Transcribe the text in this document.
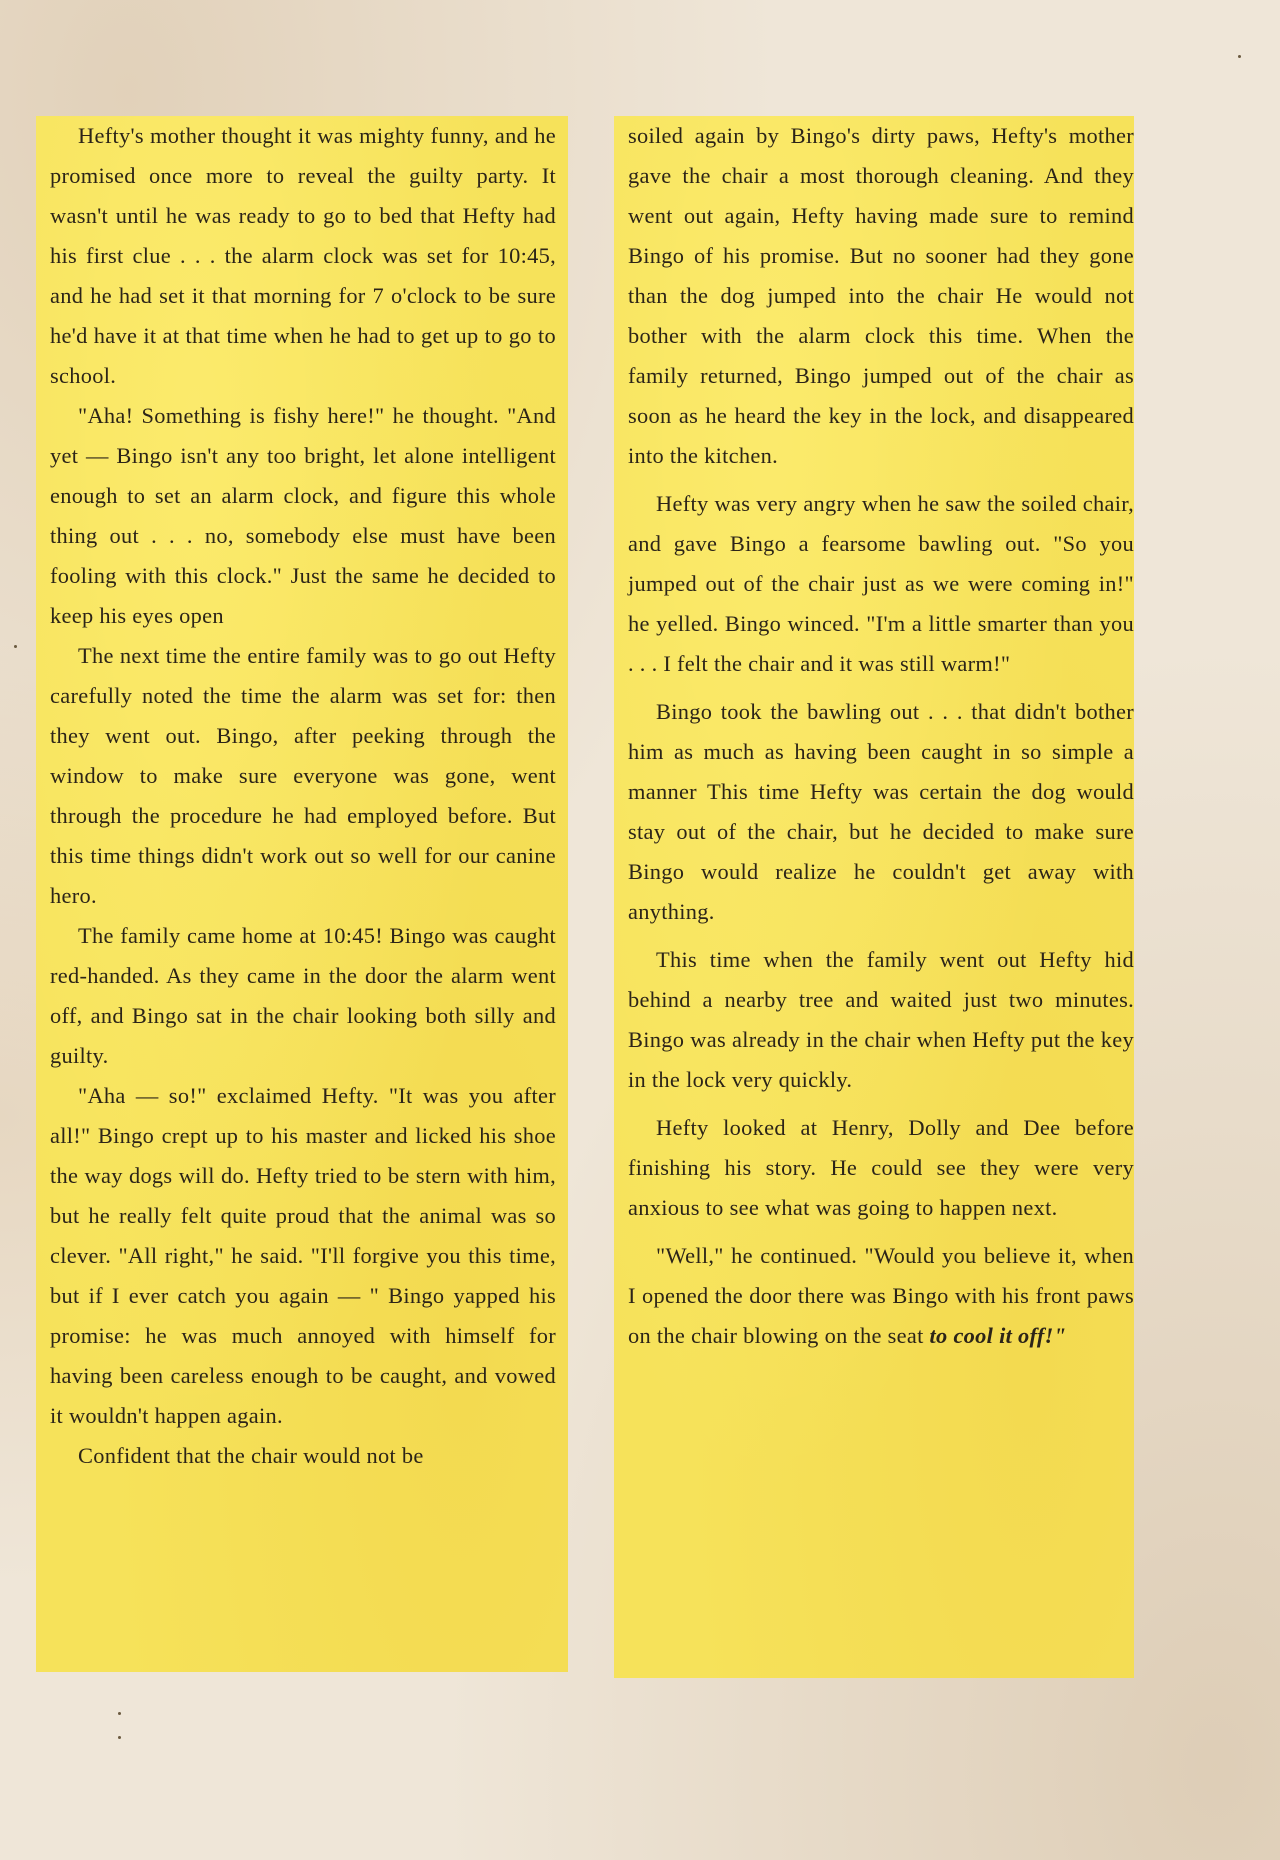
Hefty's mother thought it was mighty funny, and he promised once more to reveal the guilty party. It wasn't until he was ready to go to bed that Hefty had his first clue . . . the alarm clock was set for 10:45, and he had set it that morning for 7 o'clock to be sure he'd have it at that time when he had to get up to go to school.

"Aha! Something is fishy here!" he thought. "And yet — Bingo isn't any too bright, let alone intelligent enough to set an alarm clock, and figure this whole thing out . . . no, somebody else must have been fooling with this clock." Just the same he decided to keep his eyes open

The next time the entire family was to go out Hefty carefully noted the time the alarm was set for: then they went out. Bingo, after peeking through the window to make sure everyone was gone, went through the procedure he had employed before. But this time things didn't work out so well for our canine hero.

The family came home at 10:45! Bingo was caught red-handed. As they came in the door the alarm went off, and Bingo sat in the chair looking both silly and guilty.

"Aha — so!" exclaimed Hefty. "It was you after all!" Bingo crept up to his master and licked his shoe the way dogs will do. Hefty tried to be stern with him, but he really felt quite proud that the animal was so clever. "All right," he said. "I'll forgive you this time, but if I ever catch you again — " Bingo yapped his promise: he was much annoyed with himself for having been careless enough to be caught, and vowed it wouldn't happen again.

Confident that the chair would not be

soiled again by Bingo's dirty paws, Hefty's mother gave the chair a most thorough cleaning. And they went out again, Hefty having made sure to remind Bingo of his promise. But no sooner had they gone than the dog jumped into the chair He would not bother with the alarm clock this time. When the family returned, Bingo jumped out of the chair as soon as he heard the key in the lock, and disappeared into the kitchen.

Hefty was very angry when he saw the soiled chair, and gave Bingo a fearsome bawling out. "So you jumped out of the chair just as we were coming in!" he yelled. Bingo winced. "I'm a little smarter than you . . . I felt the chair and it was still warm!"

Bingo took the bawling out . . . that didn't bother him as much as having been caught in so simple a manner This time Hefty was certain the dog would stay out of the chair, but he decided to make sure Bingo would realize he couldn't get away with anything.

This time when the family went out Hefty hid behind a nearby tree and waited just two minutes. Bingo was already in the chair when Hefty put the key in the lock very quickly.

Hefty looked at Henry, Dolly and Dee before finishing his story. He could see they were very anxious to see what was going to happen next.

"Well," he continued. "Would you believe it, when I opened the door there was Bingo with his front paws on the chair blowing on the seat to cool it off!"
